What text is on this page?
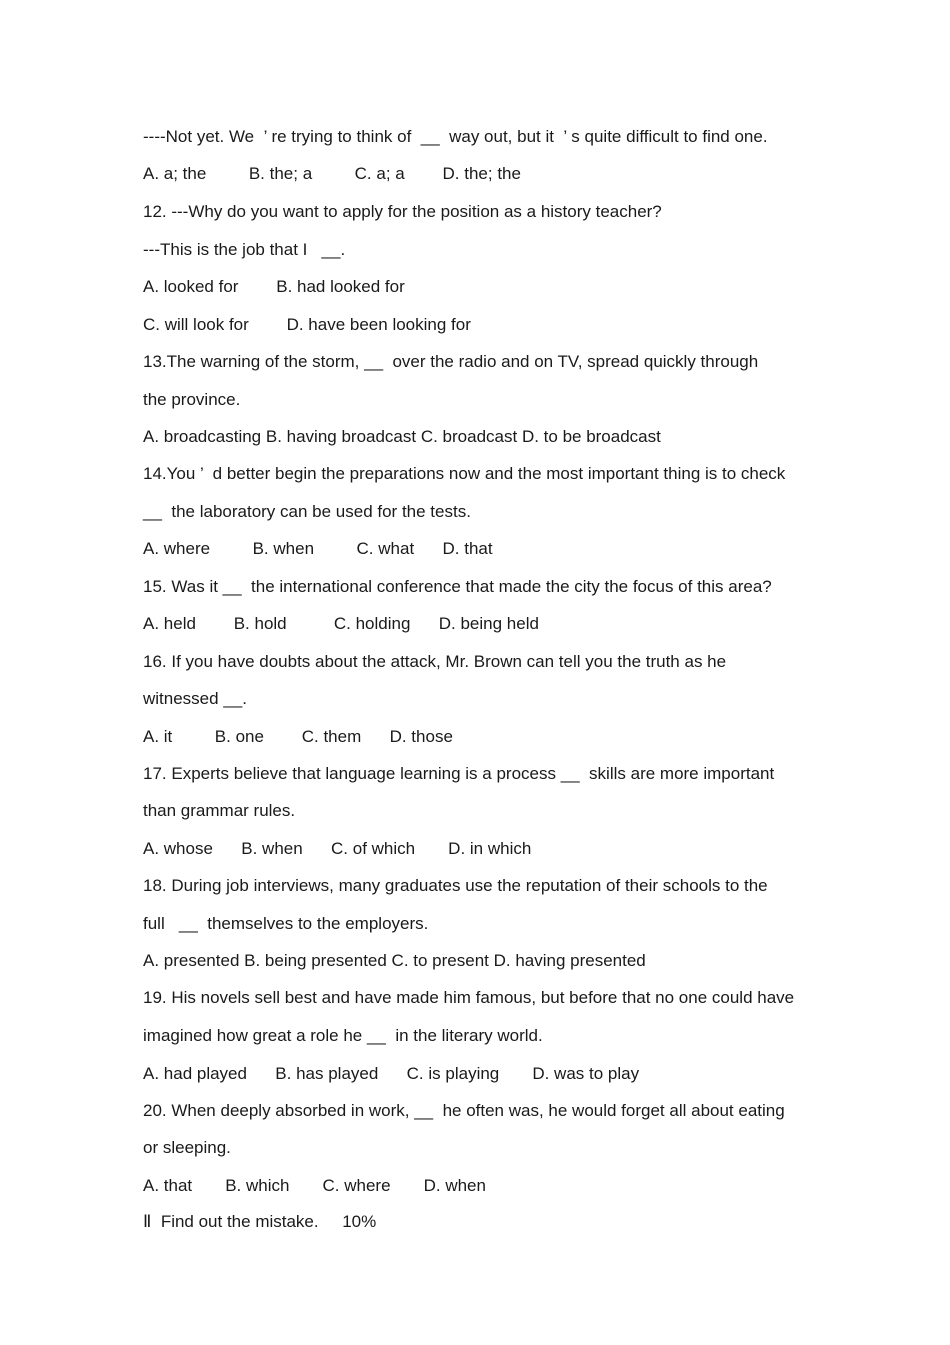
----Not yet. We  ’ re trying to think of  __  way out, but it  ’ s quite difficult to find one.
A. a; the         B. the; a         C. a; a        D. the; the
12. ---Why do you want to apply for the position as a history teacher?
---This is the job that I   __.
A. looked for        B. had looked for
C. will look for        D. have been looking for
13.The warning of the storm, __  over the radio and on TV, spread quickly through
the province.
A. broadcasting B. having broadcast C. broadcast D. to be broadcast
14.You ’  d better begin the preparations now and the most important thing is to check
__  the laboratory can be used for the tests.
A. where         B. when         C. what      D. that
15. Was it __  the international conference that made the city the focus of this area?
A. held        B. hold          C. holding      D. being held
16. If you have doubts about the attack, Mr. Brown can tell you the truth as he
witnessed __.
A. it         B. one        C. them      D. those
17. Experts believe that language learning is a process __  skills are more important
than grammar rules.
A. whose      B. when      C. of which       D. in which
18. During job interviews, many graduates use the reputation of their schools to the
full   __  themselves to the employers.
A. presented B. being presented C. to present D. having presented
19. His novels sell best and have made him famous, but before that no one could have
imagined how great a role he __  in the literary world.
A. had played      B. has played      C. is playing       D. was to play
20. When deeply absorbed in work, __  he often was, he would forget all about eating
or sleeping.
A. that       B. which       C. where       D. when
Ⅱ  Find out the mistake.     10%
